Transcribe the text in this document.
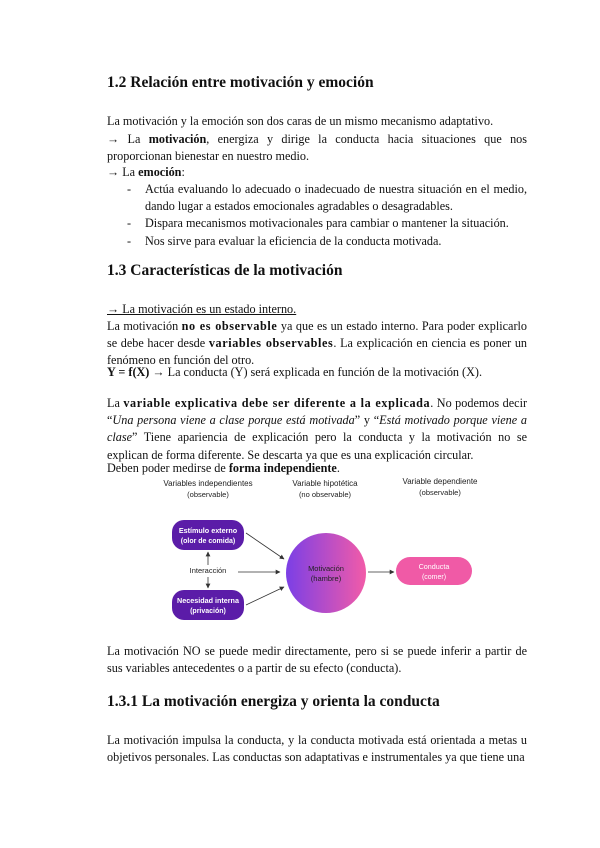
1.2 Relación entre motivación y emoción

La motivación y la emoción son dos caras de un mismo mecanismo adaptativo.

→ La motivación, energiza y dirige la conducta hacia situaciones que nos proporcionan bienestar en nuestro medio.

→ La emoción:

- Actúa evaluando lo adecuado o inadecuado de nuestra situación en el medio, dando lugar a estados emocionales agradables o desagradables.
- Dispara mecanismos motivacionales para cambiar o mantener la situación.
- Nos sirve para evaluar la eficiencia de la conducta motivada.
1.3 Características de la motivación

→ La motivación es un estado interno.

La motivación no es observable ya que es un estado interno. Para poder explicarlo se debe hacer desde variables observables. La explicación en ciencia es poner un fenómeno en función del otro.

Y = f(X) → La conducta (Y) será explicada en función de la motivación (X).

La variable explicativa debe ser diferente a la explicada. No podemos decir “Una persona viene a clase porque está motivada” y “Está motivado porque viene a clase” Tiene apariencia de explicación pero la conducta y la motivación no se explican de forma diferente. Se descarta ya que es una explicación circular.

Deben poder medirse de forma independiente.

Variables independientes
(observable)
Variable hipotética
(no observable)
Variable dependiente
(observable)
Estímulo externo
(olor de comida)
Interacción
Necesidad interna
(privación)
Motivación
(hambre)
Conducta
(comer)

La motivación NO se puede medir directamente, pero si se puede inferir a partir de sus variables antecedentes o a partir de su efecto (conducta).

1.3.1 La motivación energiza y orienta la conducta

La motivación impulsa la conducta, y la conducta motivada está orientada a metas u objetivos personales. Las conductas son adaptativas e instrumentales ya que tiene una
